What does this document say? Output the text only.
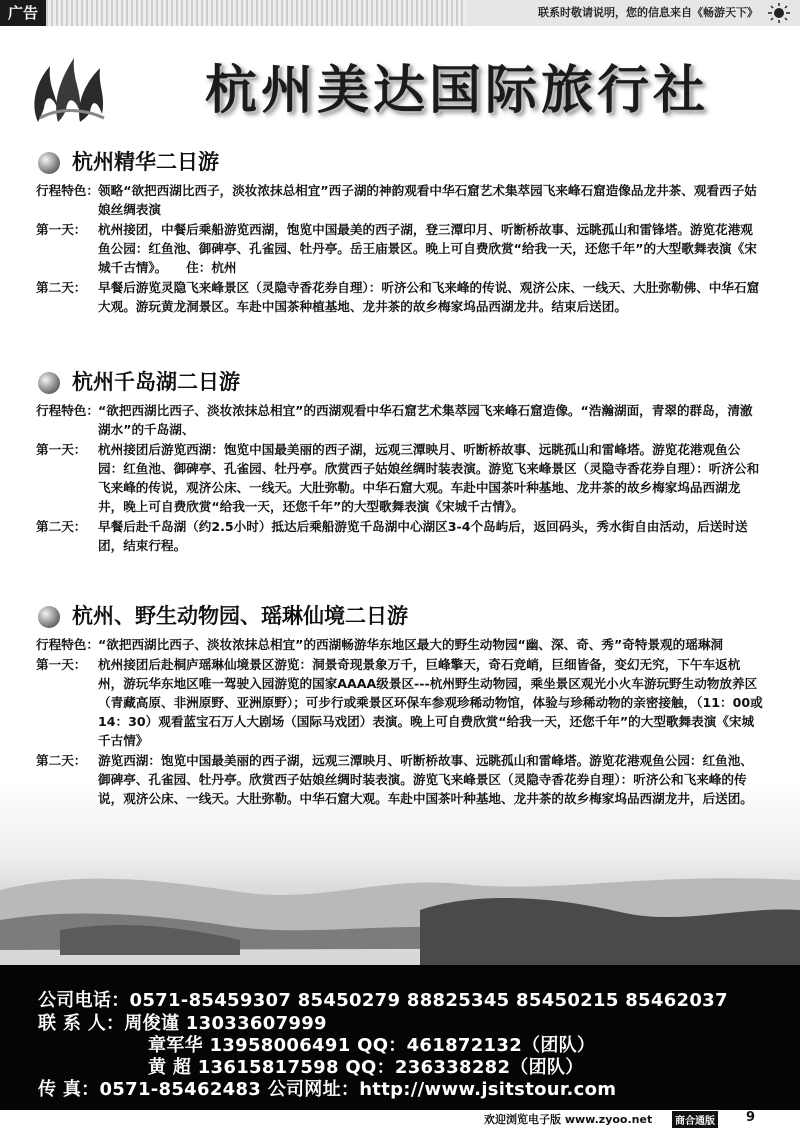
广告	联系时敬请说明，您的信息来自《畅游天下》
杭州美达国际旅行社
杭州精华二日游
行程特色： 领略“欲把西湖比西子，淡妆浓抹总相宜”西子湖的神韵观看中华石窟艺术集萃园飞来峰石窟造像品龙井茶、观看西子姑娘丝绸表演
第一天： 杭州接团，中餐后乘船游览西湖，饱览中国最美的西子湖，登三潭印月、听断桥故事、远眺孤山和雷锋塔。游览花港观鱼公园：红鱼池、御碑亭、孔雀园、牡丹亭。岳王庙景区。晚上可自费欣赏“给我一天，还您千年”的大型歌舞表演《宋城千古情》。　　住：杭州
第二天： 早餐后游览灵隐飞来峰景区（灵隐寺香花券自理）：听济公和飞来峰的传说、观济公床、一线天、大肚弥勒佛、中华石窟大观。游玩黄龙洞景区。车赴中国茶种植基地、龙井茶的故乡梅家坞品西湖龙井。结束后送团。
杭州千岛湖二日游
行程特色： “欲把西湖比西子、淡妆浓抹总相宜”的西湖观看中华石窟艺术集萃园飞来峰石窟造像。“浩瀚湖面，青翠的群岛，清澈湖水”的千岛湖、
第一天： 杭州接团后游览西湖：饱览中国最美丽的西子湖，远观三潭映月、听断桥故事、远眺孤山和雷峰塔。游览花港观鱼公园：红鱼池、御碑亭、孔雀园、牡丹亭。欣赏西子姑娘丝绸时装表演。游览飞来峰景区（灵隐寺香花券自理）：听济公和飞来峰的传说，观济公床、一线天。大肚弥勒。中华石窟大观。车赴中国茶叶种基地、龙井茶的故乡梅家坞品西湖龙井，晚上可自费欣赏“给我一天，还您千年”的大型歌舞表演《宋城千古情》。
第二天： 早餐后赴千岛湖（约2.5小时）抵达后乘船游览千岛湖中心湖区3-4个岛屿后，返回码头，秀水街自由活动，后送时送团，结束行程。
杭州、野生动物园、瑶琳仙境二日游
行程特色： “欲把西湖比西子、淡妆浓抹总相宜”的西湖畅游华东地区最大的野生动物园“幽、深、奇、秀”奇特景观的瑶琳洞
第一天： 杭州接团后赴桐庐瑶琳仙境景区游览：洞景奇现景象万千，巨峰擎天，奇石竞峭，巨细皆备，变幻无究，下午车返杭州，游玩华东地区唯一驾驶入园游览的国家AAAA级景区---杭州野生动物园，乘坐景区观光小火车游玩野生动物放养区（青藏高原、非洲原野、亚洲原野）；可步行或乘景区环保车参观珍稀动物馆，体验与珍稀动物的亲密接触，（11：00或14：30）观看蓝宝石万人大剧场（国际马戏团）表演。晚上可自费欣赏“给我一天，还您千年”的大型歌舞表演《宋城千古情》
第二天： 游览西湖：饱览中国最美丽的西子湖，远观三潭映月、听断桥故事、远眺孤山和雷峰塔。游览花港观鱼公园：红鱼池、御碑亭、孔雀园、牡丹亭。欣赏西子姑娘丝绸时装表演。游览飞来峰景区（灵隐寺香花券自理）：听济公和飞来峰的传说，观济公床、一线天。大肚弥勒。中华石窟大观。车赴中国茶叶种基地、龙井茶的故乡梅家坞品西湖龙井，后送团。
公司电话：0571-85459307 85450279 88825345 85450215 85462037
联 系 人：周俊谨 13033607999
章军华 13958006491 QQ：461872132（团队）
黄 超 13615817598 QQ：236338282（团队）
传 真：0571-85462483 公司网址：http://www.jsitstour.com
欢迎浏览电子版 www.zyoo.net	商合通版 9
